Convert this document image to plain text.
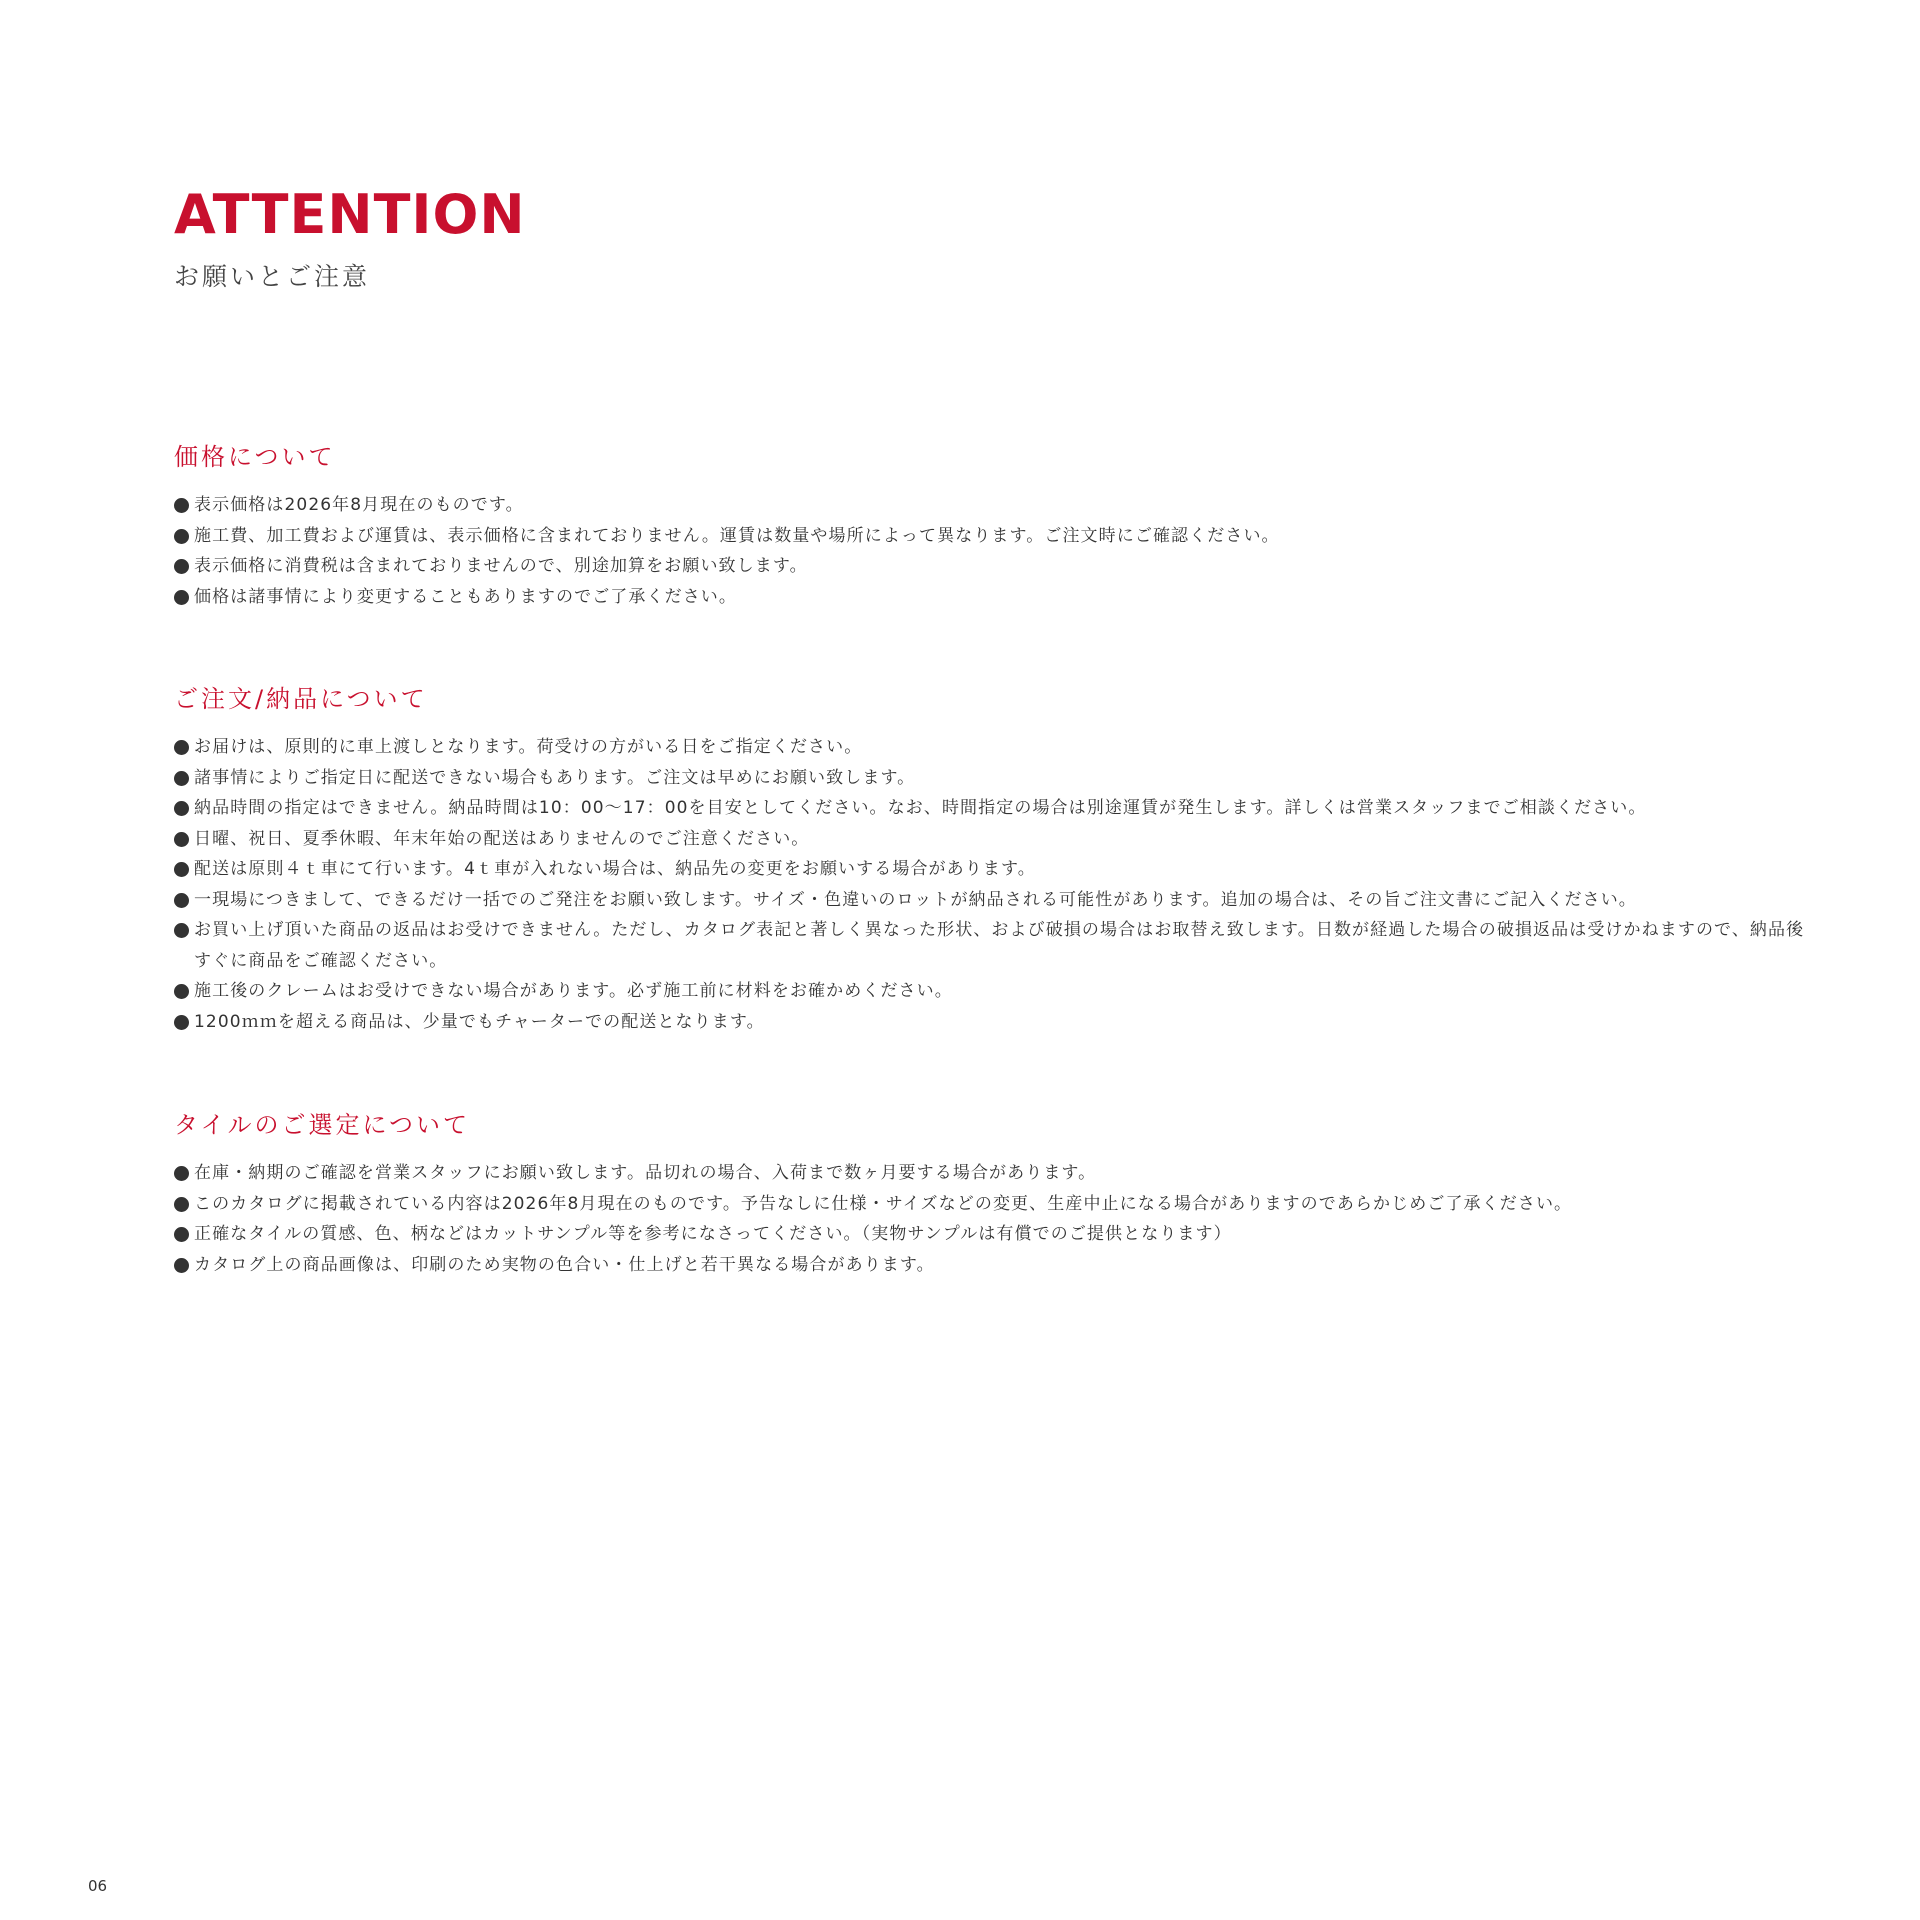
ATTENTION

お願いとご注意

価格について
表示価格は2026年8月現在のものです。
施工費、加工費および運賃は、表示価格に含まれておりません。運賃は数量や場所によって異なります。ご注文時にご確認ください。
表示価格に消費税は含まれておりませんので、別途加算をお願い致します。
価格は諸事情により変更することもありますのでご了承ください。
ご注文/納品について
お届けは、原則的に車上渡しとなります。荷受けの方がいる日をご指定ください。
諸事情によりご指定日に配送できない場合もあります。ご注文は早めにお願い致します。
納品時間の指定はできません。納品時間は10：00〜17：00を目安としてください。なお、時間指定の場合は別途運賃が発生します。詳しくは営業スタッフまでご相談ください。
日曜、祝日、夏季休暇、年末年始の配送はありませんのでご注意ください。
配送は原則４ｔ車にて行います。4ｔ車が入れない場合は、納品先の変更をお願いする場合があります。
一現場につきまして、できるだけ一括でのご発注をお願い致します。サイズ・色違いのロットが納品される可能性があります。追加の場合は、その旨ご注文書にご記入ください。
お買い上げ頂いた商品の返品はお受けできません。ただし、カタログ表記と著しく異なった形状、および破損の場合はお取替え致します。日数が経過した場合の破損返品は受けかねますので、納品後すぐに商品をご確認ください。
施工後のクレームはお受けできない場合があります。必ず施工前に材料をお確かめください。
1200ｍｍを超える商品は、少量でもチャーターでの配送となります。
タイルのご選定について
在庫・納期のご確認を営業スタッフにお願い致します。品切れの場合、入荷まで数ヶ月要する場合があります。
このカタログに掲載されている内容は2026年8月現在のものです。予告なしに仕様・サイズなどの変更、生産中止になる場合がありますのであらかじめご了承ください。
正確なタイルの質感、色、柄などはカットサンプル等を参考になさってください。（実物サンプルは有償でのご提供となります）
カタログ上の商品画像は、印刷のため実物の色合い・仕上げと若干異なる場合があります。

06
